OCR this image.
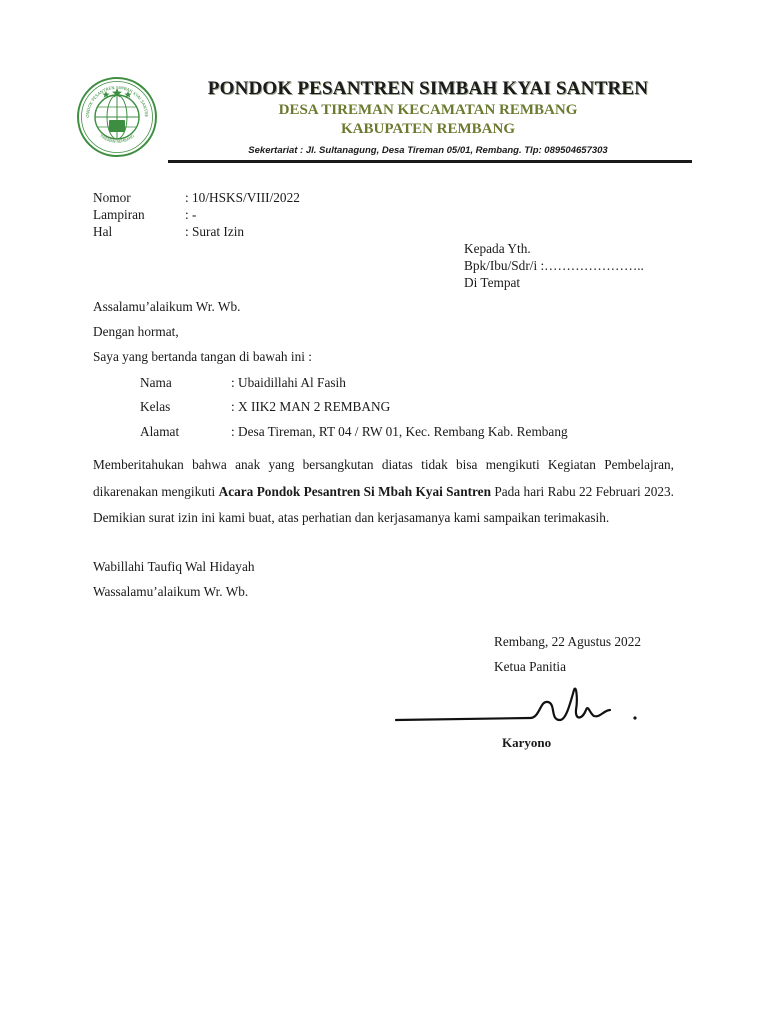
ONDOK PESANTREN SIMBAH KYAI SANTRE
TIREMAN REMBANG
PONDOK PESANTREN SIMBAH KYAI SANTREN
DESA TIREMAN KECAMATAN REMBANG
KABUPATEN REMBANG
Sekertariat : Jl. Sultanagung, Desa Tireman 05/01, Rembang. Tlp: 089504657303
Nomor	: 10/HSKS/VIII/2022
Lampiran	: -
Hal	: Surat Izin
Kepada Yth.
Bpk/Ibu/Sdr/i :…………………..
Di Tempat
Assalamu’alaikum Wr. Wb.
Dengan hormat,
Saya yang bertanda tangan di bawah ini :
Nama	: Ubaidillahi Al Fasih
Kelas	: X IIK2 MAN 2 REMBANG
Alamat	: Desa Tireman, RT 04 / RW 01, Kec. Rembang Kab. Rembang
Memberitahukan bahwa anak yang bersangkutan diatas tidak bisa mengikuti Kegiatan Pembelajran, dikarenakan mengikuti Acara Pondok Pesantren Si Mbah Kyai Santren Pada hari Rabu 22 Februari 2023. Demikian surat izin ini kami buat, atas perhatian dan kerjasamanya kami sampaikan terimakasih.
Wabillahi Taufiq Wal Hidayah
Wassalamu’alaikum Wr. Wb.
Rembang, 22 Agustus 2022
Ketua Panitia
Karyono
